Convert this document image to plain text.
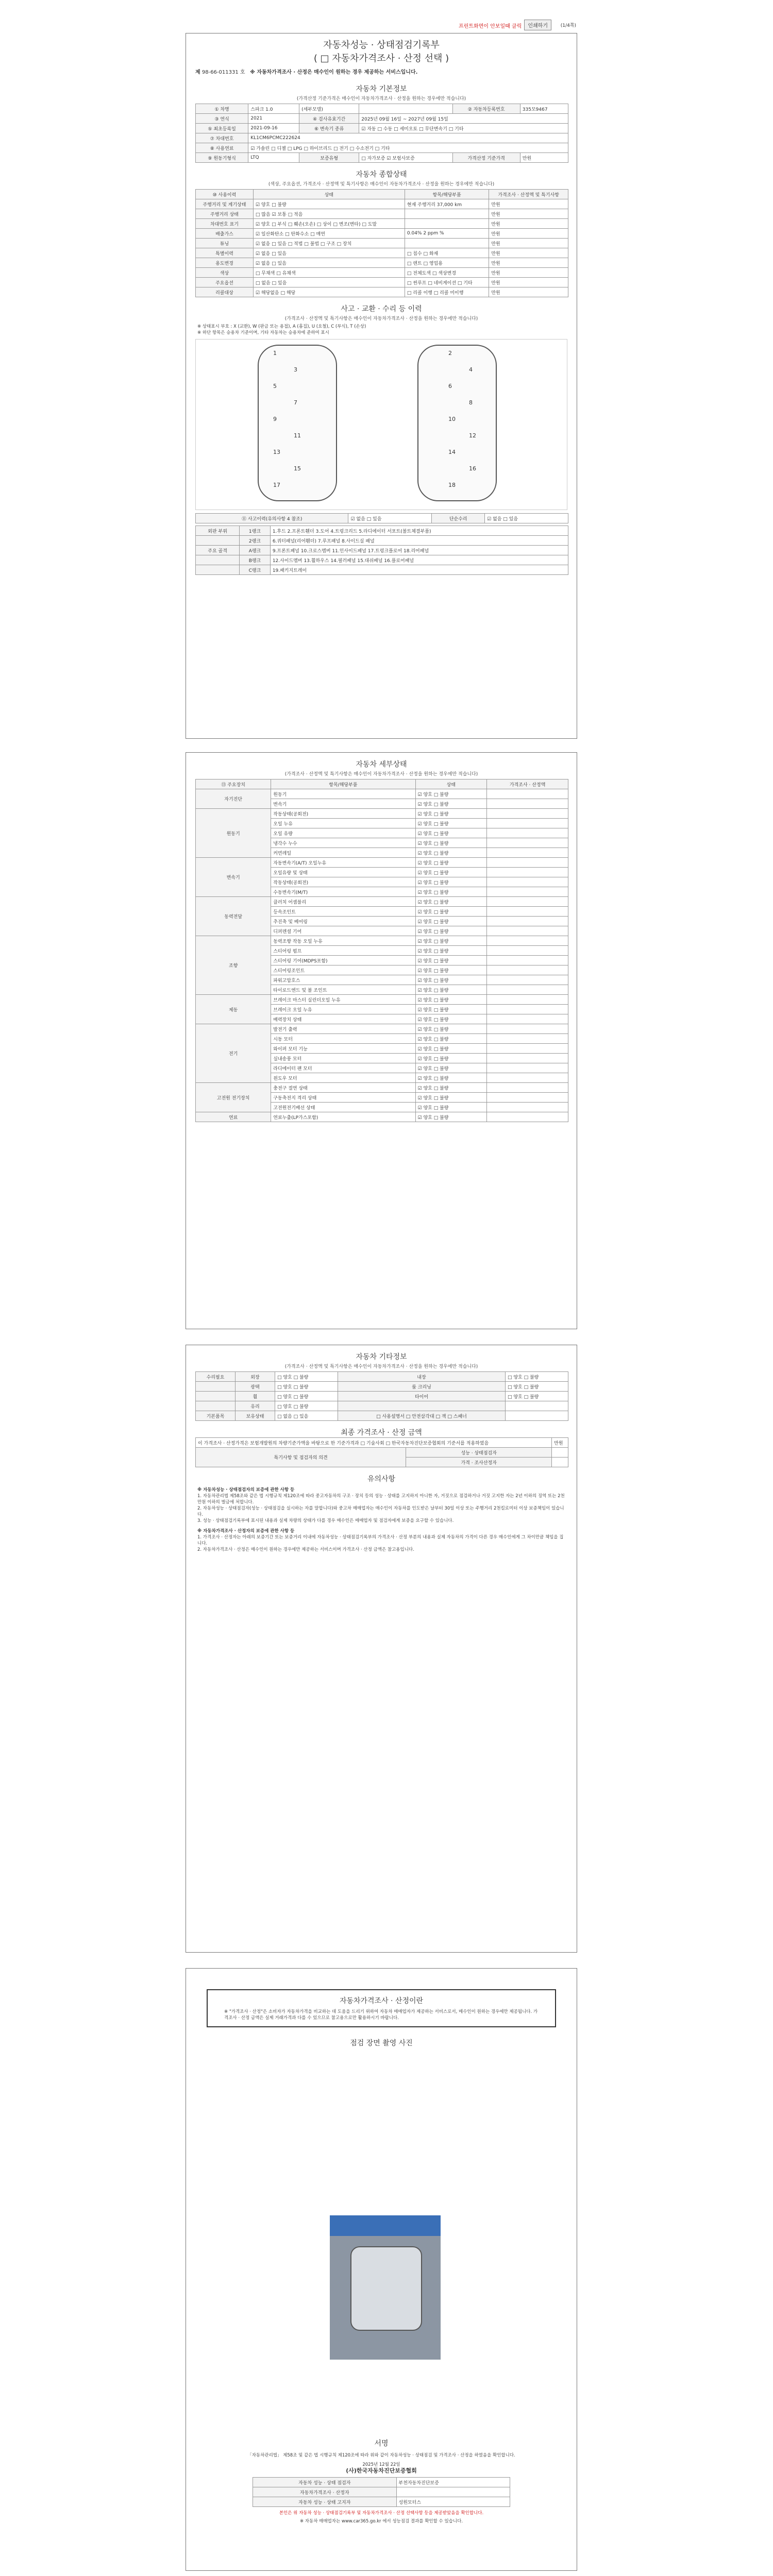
프린트화면이 안보일때 클릭	인쇄하기	(1/4쪽)
자동차성능 · 상태점검기록부
( □ 자동차가격조사 · 산정 선택 )
제 98-66-011331 호 ※ 자동차가격조사 · 산정은 매수인이 원하는 경우 제공하는 서비스입니다.
자동차 기본정보
(가격산정 기준가격은 매수인이 자동차가격조사 · 산정을 원하는 경우에만 적습니다)
① 차명	스파크 1.0	(세부모델)		② 자동차등록번호	335모9467
③ 연식	2021	④ 검사유효기간	2025년 09월 16일 ~ 2027년 09월 15일		
⑤ 최초등록일	2021-09-16	⑥ 변속기 종류	☑ 자동 □ 수동 □ 세미오토 □ 무단변속기 □ 기타		
⑦ 차대번호	KL1CM6PCMC222624				
⑧ 사용연료	☑ 가솔린 □ 디젤 □ LPG □ 하이브리드 □ 전기 □ 수소전기 □ 기타				
⑨ 원동기형식	LTQ	보증유형	□ 자가보증 ☑ 보험사보증	가격산정 기준가격	만원
자동차 종합상태
(색상, 주요옵션, 가격조사 · 산정액 및 특기사항은 매수인이 자동차가격조사 · 산정을 원하는 경우에만 적습니다)
⑩ 사용이력	상태	항목/해당부품	가격조사 · 산정액 및 특기사항
주행거리 및 계기상태	☑ 양호 □ 불량	현재 주행거리 37,000 km	만원
주행거리 상태	□ 많음 ☑ 보통 □ 적음		만원
차대번호 표기	☑ 양호 □ 부식 □ 훼손(오손) □ 상이 □ 변조(변타) □ 도말		만원
배출가스	☑ 일산화탄소 □ 탄화수소 □ 매연	0.04% 2 ppm %	만원
튜닝	☑ 없음 □ 있음 □ 적법 □ 불법 □ 구조 □ 장치		만원
특별이력	☑ 없음 □ 있음	□ 침수 □ 화재	만원
용도변경	☑ 없음 □ 있음	□ 렌트 □ 영업용	만원
색상	□ 무채색 □ 유채색	□ 전체도색 □ 색상변경	만원
주요옵션	□ 없음 □ 있음	□ 썬루프 □ 네비게이션 □ 기타	만원
리콜대상	☑ 해당없음 □ 해당	□ 리콜 이행 □ 리콜 미이행	만원
사고 · 교환 · 수리 등 이력
(가격조사 · 산정액 및 특기사항은 매수인이 자동차가격조사 · 산정을 원하는 경우에만 적습니다)
※ 상태표시 부호 : X (교환), W (판금 또는 용접), A (흠집), U (요철), C (부식), T (손상)
※ 하단 항목은 승용차 기준이며, 기타 자동차는 승용차에 준하여 표시
1	2
3	4
5	6
7	8
9	10
11	12
13	14
15	16
17	18
⑪ 사고이력(유의사항 4 참조)	☑ 없음 □ 있음	단순수리	☑ 없음 □ 있음
외판 부위	1랭크	1.후드 2.프론트휀더 3.도어 4.트렁크리드 5.라디에이터 서포트(볼트체결부품)
	2랭크	6.쿼터패널(리어휀더) 7.루프패널 8.사이드실 패널
주요 골격	A랭크	9.프론트패널 10.크로스멤버 11.인사이드패널 17.트렁크플로어 18.리어패널
	B랭크	12.사이드멤버 13.휠하우스 14.필러패널 15.대쉬패널 16.플로어패널
	C랭크	19.패키지트레이
자동차 세부상태
(가격조사 · 산정액 및 특기사항은 매수인이 자동차가격조사 · 산정을 원하는 경우에만 적습니다)
⑬ 주요장치	항목/해당부품	상태	가격조사 · 산정액
자기진단	원동기	☑ 양호 □ 불량	
	변속기	☑ 양호 □ 불량	
원동기	작동상태(공회전)	☑ 양호 □ 불량	
	오일 누유	☑ 양호 □ 불량	
	오일 유량	☑ 양호 □ 불량	
	냉각수 누수	☑ 양호 □ 불량	
	커먼레일	☑ 양호 □ 불량	
변속기	자동변속기(A/T) 오일누유	☑ 양호 □ 불량	
	오일유량 및 상태	☑ 양호 □ 불량	
	작동상태(공회전)	☑ 양호 □ 불량	
	수동변속기(M/T)	☑ 양호 □ 불량	
동력전달	클러치 어셈블리	☑ 양호 □ 불량	
	등속조인트	☑ 양호 □ 불량	
	추진축 및 베어링	☑ 양호 □ 불량	
	디퍼렌셜 기어	☑ 양호 □ 불량	
조향	동력조향 작동 오일 누유	☑ 양호 □ 불량	
	스티어링 펌프	☑ 양호 □ 불량	
	스티어링 기어(MDPS포함)	☑ 양호 □ 불량	
	스티어링조인트	☑ 양호 □ 불량	
	파워고압호스	☑ 양호 □ 불량	
	타이로드엔드 및 볼 조인트	☑ 양호 □ 불량	
제동	브레이크 마스터 실린더오일 누유	☑ 양호 □ 불량	
	브레이크 오일 누유	☑ 양호 □ 불량	
	배력장치 상태	☑ 양호 □ 불량	
전기	발전기 출력	☑ 양호 □ 불량	
	시동 모터	☑ 양호 □ 불량	
	와이퍼 모터 기능	☑ 양호 □ 불량	
	실내송풍 모터	☑ 양호 □ 불량	
	라디에이터 팬 모터	☑ 양호 □ 불량	
	윈도우 모터	☑ 양호 □ 불량	
고전원 전기장치	충전구 절연 상태	☑ 양호 □ 불량	
	구동축전지 격리 상태	☑ 양호 □ 불량	
	고전원전기배선 상태	☑ 양호 □ 불량	
연료	연료누출(LP가스포함)	☑ 양호 □ 불량	
자동차 기타정보
(가격조사 · 산정액 및 특기사항은 매수인이 자동차가격조사 · 산정을 원하는 경우에만 적습니다)
수리필요	외장	□ 양호 □ 불량	내장	□ 양호 □ 불량
	광택	□ 양호 □ 불량	룸 크리닝	□ 양호 □ 불량
	휠	□ 양호 □ 불량	타이어	□ 양호 □ 불량
	유리	□ 양호 □ 불량		
기본품목	보유상태	□ 없음 □ 있음	□ 사용설명서 □ 안전삼각대 □ 잭 □ 스패너	
최종 가격조사 · 산정 금액
이 가격조사 · 산정가격은 보험개발원의 차량기준가액을 바탕으로 한 기준가격과 □ 기술사회 □ 한국자동차진단보증협회의 기준서를 적용하였음		만원
특기사항 및 점검자의 의견	성능 · 상태점검자	
	가격 · 조사산정자	
유의사항
※ 자동차성능 · 상태점검자의 보증에 관한 사항 등
1. 자동차관리법 제58조와 같은 법 시행규칙 제120조에 따라 중고자동차의 구조 · 장치 등의 성능 · 상태를 고지하지 아니한 자, 거짓으로 점검하거나 거짓 고지한 자는 2년 이하의 징역 또는 2천만원 이하의 벌금에 처합니다.
2. 자동차성능 · 상태점검자(성능 · 상태점검을 실시하는 자를 말합니다)와 중고차 매매업자는 매수인이 자동차를 인도받은 날부터 30일 이상 또는 주행거리 2천킬로미터 이상 보증책임이 있습니다.
3. 성능 · 상태점검기록부에 표시된 내용과 실제 차량의 상태가 다를 경우 매수인은 매매업자 및 점검자에게 보증을 요구할 수 있습니다.
※ 자동차가격조사 · 산정자의 보증에 관한 사항 등
1. 가격조사 · 산정자는 아래의 보증기간 또는 보증거리 이내에 자동차성능 · 상태점검기록부의 가격조사 · 산정 부분의 내용과 실제 자동차의 가격이 다른 경우 매수인에게 그 차이만큼 책임을 집니다.
2. 자동차가격조사 · 산정은 매수인이 원하는 경우에만 제공하는 서비스이며 가격조사 · 산정 금액은 참고용입니다.
자동차가격조사 · 산정이란
※ "가격조사 · 산정"은 소비자가 자동차가격을 비교하는 데 도움을 드리기 위하여 자동차 매매업자가 제공하는 서비스로서, 매수인이 원하는 경우에만 제공됩니다. 가격조사 · 산정 금액은 실제 거래가격과 다를 수 있으므로 참고용으로만 활용하시기 바랍니다.
점검 장면 촬영 사진
서명
「자동차관리법」 제58조 및 같은 법 시행규칙 제120조에 따라 위와 같이 자동차성능 · 상태점검 및 가격조사 · 산정을 하였음을 확인합니다.
2025년 12월 22일
(사)한국자동차진단보증협회
자동차 성능 · 상태 점검자	부천자동차진단보증
자동차가격조사 · 산정자	
자동차 성능 · 상태 고지자	성원모터스
본인은 위 자동차 성능 · 상태점검기록부 및 자동차가격조사 · 산정 선택사항 등을 제공받았음을 확인합니다.
※ 자동차 매매업자는 www.car365.go.kr 에서 성능점검 결과를 확인할 수 있습니다.
